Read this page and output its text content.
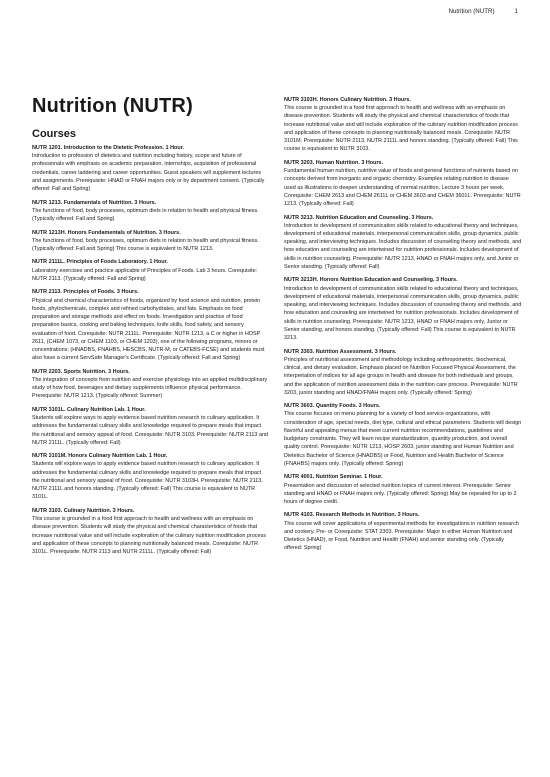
Nutrition (NUTR)	1
Nutrition (NUTR)
Courses

NUTR 1201. Introduction to the Dietetic Profession. 1 Hour.

Introduction to profession of dietetics and nutrition including history, scope and future of professionals with emphasis on academic preparation, internships, acquisition of professional credentials, career laddering and career opportunities. Guest speakers will supplement lectures and assignments. Prerequisite: HNAD or FNAH majors only or by department consent. (Typically offered: Fall and Spring)

NUTR 1213. Fundamentals of Nutrition. 3 Hours.

The functions of food, body processes, optimum diets in relation to health and physical fitness. (Typically offered: Fall and Spring)

NUTR 1213H. Honors Fundamentals of Nutrition. 3 Hours.

The functions of food, body processes, optimum diets in relation to health and physical fitness. (Typically offered: Fall and Spring) This course is equivalent to NUTR 1213.

NUTR 2111L. Principles of Foods Laboratory. 1 Hour.

Laboratory exercises and practice applicable of Principles of Foods. Lab 3 hours. Corequisite: NUTR 2113. (Typically offered: Fall and Spring)

NUTR 2113. Principles of Foods. 3 Hours.

Physical and chemical characteristics of foods, organized by food science and nutrition, protein foods, phytochemicals, complex and refined carbohydrates, and fats. Emphasis on food preparation and storage methods and effect on foods. Investigation and practice of food preparation basics, cooking and baking techniques, knife skills, food safety, and sensory evaluation of food. Corequisite: NUTR 2111L. Prerequisite: NUTR 1213, a C or higher in HOSP 2611, (CHEM 1073, or CHEM 1103, or CHEM 1203), one of the following programs, minors or concentrations: (HNADBS, FNAHBS, HESCBS, NUTR-M, or CATEBS-FCSE) and students must also have a current ServSafe Manager's Certificate. (Typically offered: Fall and Spring)

NUTR 2203. Sports Nutrition. 3 Hours.

The integration of concepts from nutrition and exercise physiology into an applied multidisciplinary study of how food, beverages and dietary supplements influence physical performance. Prerequisite: NUTR 1213. (Typically offered: Summer)

NUTR 3101L. Culinary Nutrition Lab. 1 Hour.

Students will explore ways to apply evidence based nutrition research to culinary application. It addresses the fundamental culinary skills and knowledge required to prepare meals that impact the nutritional and sensory appeal of food. Corequisite: NUTR 3103. Prerequisite: NUTR 2113 and NUTR 2111L. (Typically offered: Fall)

NUTR 3101M. Honors Culinary Nutrition Lab. 1 Hour.

Students will explore ways to apply evidence based nutrition research to culinary application. It addresses the fundamental culinary skills and knowledge required to prepare meals that impact the nutritional and sensory appeal of food. Corequisite: NUTR 3103H. Prerequisite: NUTR 2113, NUTR 2111L and honors standing. (Typically offered: Fall) This course is equivalent to NUTR 3101L.

NUTR 3103. Culinary Nutrition. 3 Hours.

This course is grounded in a food first approach to health and wellness with an emphasis on disease prevention. Students will study the physical and chemical characteristics of foods that increase nutritional value and will include exploration of the culinary nutrition modification process and application of these concepts to planning nutritionally balanced meals. Corequisite: NUTR 3101L. Prerequisite: NUTR 2113 and NUTR 2111L. (Typically offered: Fall)

NUTR 3103H. Honors Culinary Nutrition. 3 Hours.

This course is grounded in a food first approach to health and wellness with an emphasis on disease prevention. Students will study the physical and chemical characteristics of foods that increase nutritional value and will include exploration of the culinary nutrition modification process and application of these concepts to planning nutritionally balanced meals. Corequisite: NUTR 3101M. Prerequisite: NUTR 2113, NUTR 2111L and honors standing. (Typically offered: Fall) This course is equivalent to NUTR 3103.

NUTR 3203. Human Nutrition. 3 Hours.

Fundamental human nutrition, nutritive value of foods and general functions of nutrients based on concepts derived from inorganic and organic chemistry. Examples relating nutrition to disease used as illustrations to deepen understanding of normal nutrition. Lecture 3 hours per week. Corequisite: CHEM 2613 and CHEM 2611L or CHEM 3603 and CHEM 3601L. Prerequisite: NUTR 1213. (Typically offered: Fall)

NUTR 3213. Nutrition Education and Counseling. 3 Hours.

Introduction to development of communication skills related to educational theory and techniques, development of educational materials, interpersonal communication skills, group dynamics, public speaking, and interviewing techniques. Includes discussion of counseling theory and methods, and how education and counseling are intertwined for nutrition professionals. Includes development of skills in nutrition counseling. Prerequisite: NUTR 1213, HNAD or FNAH majors only, and Junior or Senior standing. (Typically offered: Fall)

NUTR 3213H. Honors Nutrition Education and Counseling. 3 Hours.

Introduction to development of communication skills related to educational theory and techniques, development of educational materials, interpersonal communication skills, group dynamics, public speaking, and interviewing techniques. Includes discussion of counseling theory and methods, and how education and counseling are intertwined for nutrition professionals. Includes development of skills in nutrition counseling. Prerequisite: NUTR 1213, HNAD or FNAH majors only, Junior or Senior standing, and honors standing. (Typically offered: Fall) This course is equivalent to NUTR 3213.

NUTR 3303. Nutrition Assessment. 3 Hours.

Principles of nutritional assessment and methodology including anthropometric, biochemical, clinical, and dietary evaluation. Emphasis placed on Nutrition Focused Physical Assessment, the interpretation of indices for all age groups in health and disease for both individuals and groups, and the application of nutrition assessment data in the nutrition care process. Prerequisite: NUTR 3203, junior standing and HNAD/FNAH majors only. (Typically offered: Spring)

NUTR 3603. Quantity Foods. 3 Hours.

This course focuses on menu planning for a variety of food service organizations, with consideration of age, special needs, diet type, cultural and ethical parameters. Students will design flavorful and appealing menus that meet current nutrition recommendations, guidelines and budgetary constraints. They will learn recipe standardization, quantity production, and overall quality control. Prerequisite: NUTR 1213, HOSP 2603, junior standing and Human Nutrition and Dietetics Bachelor of Science (HNADBS) or Food, Nutrition and Health Bachelor of Science (FNAHBS) majors only. (Typically offered: Spring)

NUTR 4001. Nutrition Seminar. 1 Hour.

Presentation and discussion of selected nutrition topics of current interest. Prerequisite: Senior standing and HNAD or FNAH majors only. (Typically offered: Spring) May be repeated for up to 2 hours of degree credit.

NUTR 4103. Research Methods in Nutrition. 3 Hours.

This course will cover applications of experimental methods for investigations in nutrition research and cookery. Pre- or Corequisite: STAT 2303. Prerequisite: Major in either Human Nutrition and Dietetics (HNAD), or Food, Nutrition and Health (FNAH) and senior standing only. (Typically offered: Spring)
